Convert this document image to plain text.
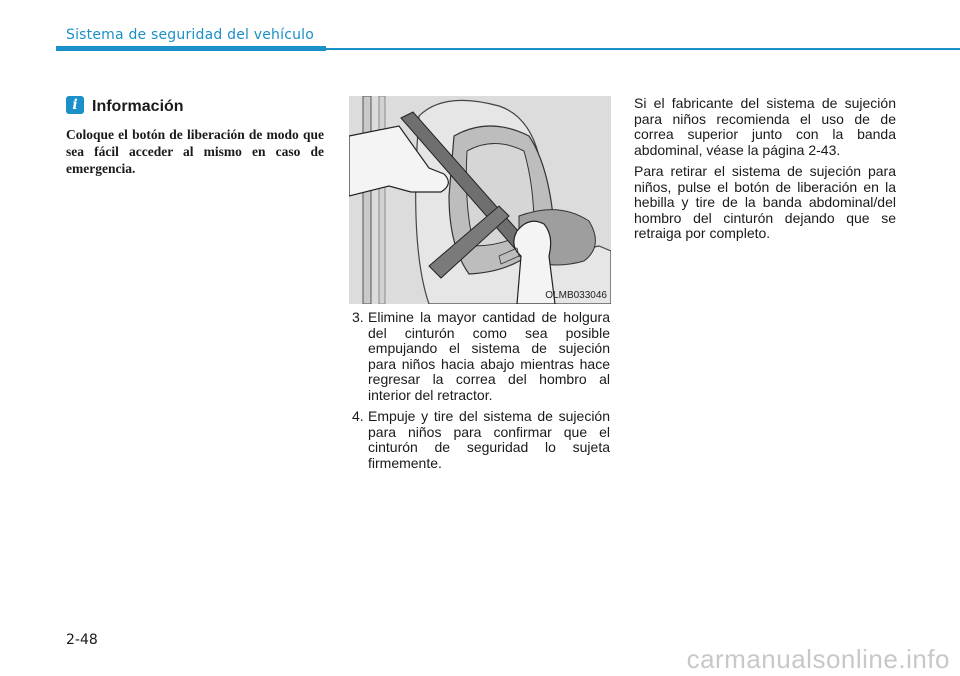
Sistema de seguridad del vehículo
i Información

Coloque el botón de liberación de modo que sea fácil acceder al mismo en caso de emergencia.

OLMB033046
3. Elimine la mayor cantidad de holgura del cinturón como sea posible empujando el sistema de sujeción para niños hacia abajo mientras hace regresar la correa del hombro al interior del retractor.
4. Empuje y tire del sistema de sujeción para niños para confirmar que el cinturón de seguridad lo sujeta firmemente.

Si el fabricante del sistema de sujeción para niños recomienda el uso de de correa superior junto con la banda abdominal, véase la página 2-43.

Para retirar el sistema de sujeción para niños, pulse el botón de liberación en la hebilla y tire de la banda abdominal/del hombro del cinturón dejando que se retraiga por completo.

2-48
carmanualsonline.info
